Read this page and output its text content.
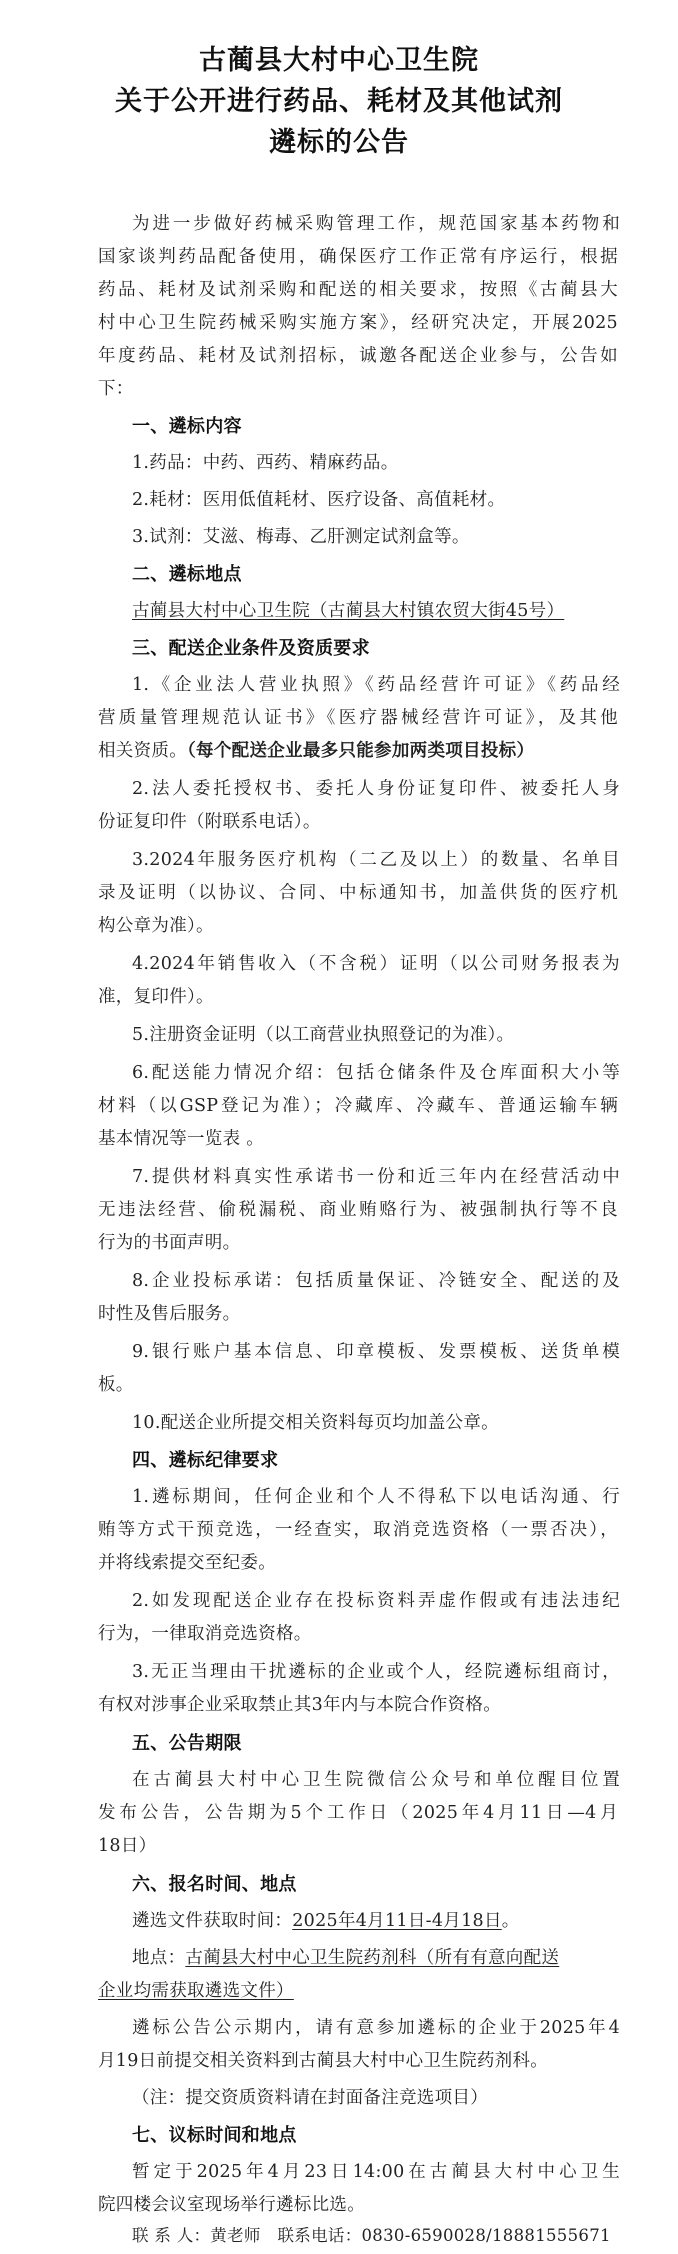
古蔺县大村中心卫生院
关于公开进行药品、耗材及其他试剂
遴标的公告
为进一步做好药械采购管理工作，规范国家基本药物和
国家谈判药品配备使用，确保医疗工作正常有序运行，根据
药品、耗材及试剂采购和配送的相关要求，按照《古蔺县大
村中心卫生院药械采购实施方案》，经研究决定，开展2025
年度药品、耗材及试剂招标，诚邀各配送企业参与，公告如
下：
一、遴标内容
1.药品：中药、西药、精麻药品。
2.耗材：医用低值耗材、医疗设备、高值耗材。
3.试剂：艾滋、梅毒、乙肝测定试剂盒等。
二、遴标地点
古蔺县大村中心卫生院（古蔺县大村镇农贸大街45号）
三、配送企业条件及资质要求
1.《企业法人营业执照》《药品经营许可证》《药品经
营质量管理规范认证书》《医疗器械经营许可证》，及其他
相关资质。（每个配送企业最多只能参加两类项目投标）
2.法人委托授权书、委托人身份证复印件、被委托人身
份证复印件（附联系电话）。
3.2024年服务医疗机构（二乙及以上）的数量、名单目
录及证明（以协议、合同、中标通知书，加盖供货的医疗机
构公章为准）。
4.2024年销售收入（不含税）证明（以公司财务报表为
准，复印件）。
5.注册资金证明（以工商营业执照登记的为准）。
6.配送能力情况介绍：包括仓储条件及仓库面积大小等
材料（以GSP登记为准）；冷藏库、冷藏车、普通运输车辆
基本情况等一览表 。
7.提供材料真实性承诺书一份和近三年内在经营活动中
无违法经营、偷税漏税、商业贿赂行为、被强制执行等不良
行为的书面声明。
8.企业投标承诺：包括质量保证、冷链安全、配送的及
时性及售后服务。
9.银行账户基本信息、印章模板、发票模板、送货单模
板。
10.配送企业所提交相关资料每页均加盖公章。
四、遴标纪律要求
1.遴标期间，任何企业和个人不得私下以电话沟通、行
贿等方式干预竞选，一经查实，取消竞选资格（一票否决），
并将线索提交至纪委。
2.如发现配送企业存在投标资料弄虚作假或有违法违纪
行为，一律取消竞选资格。
3.无正当理由干扰遴标的企业或个人，经院遴标组商讨，
有权对涉事企业采取禁止其3年内与本院合作资格。
五、公告期限
在古蔺县大村中心卫生院微信公众号和单位醒目位置
发布公告，公告期为5个工作日（2025年4月11日—4月
18日）
六、报名时间、地点
遴选文件获取时间：2025年4月11日-4月18日。
地点：古蔺县大村中心卫生院药剂科（所有有意向配送
企业均需获取遴选文件）
遴标公告公示期内，请有意参加遴标的企业于2025年4
月19日前提交相关资料到古蔺县大村中心卫生院药剂科。
（注：提交资质资料请在封面备注竞选项目）
七、议标时间和地点
暂定于2025年4月23日14:00在古蔺县大村中心卫生
院四楼会议室现场举行遴标比选。
联 系 人：黄老师　联系电话：0830-6590028/18881555671
